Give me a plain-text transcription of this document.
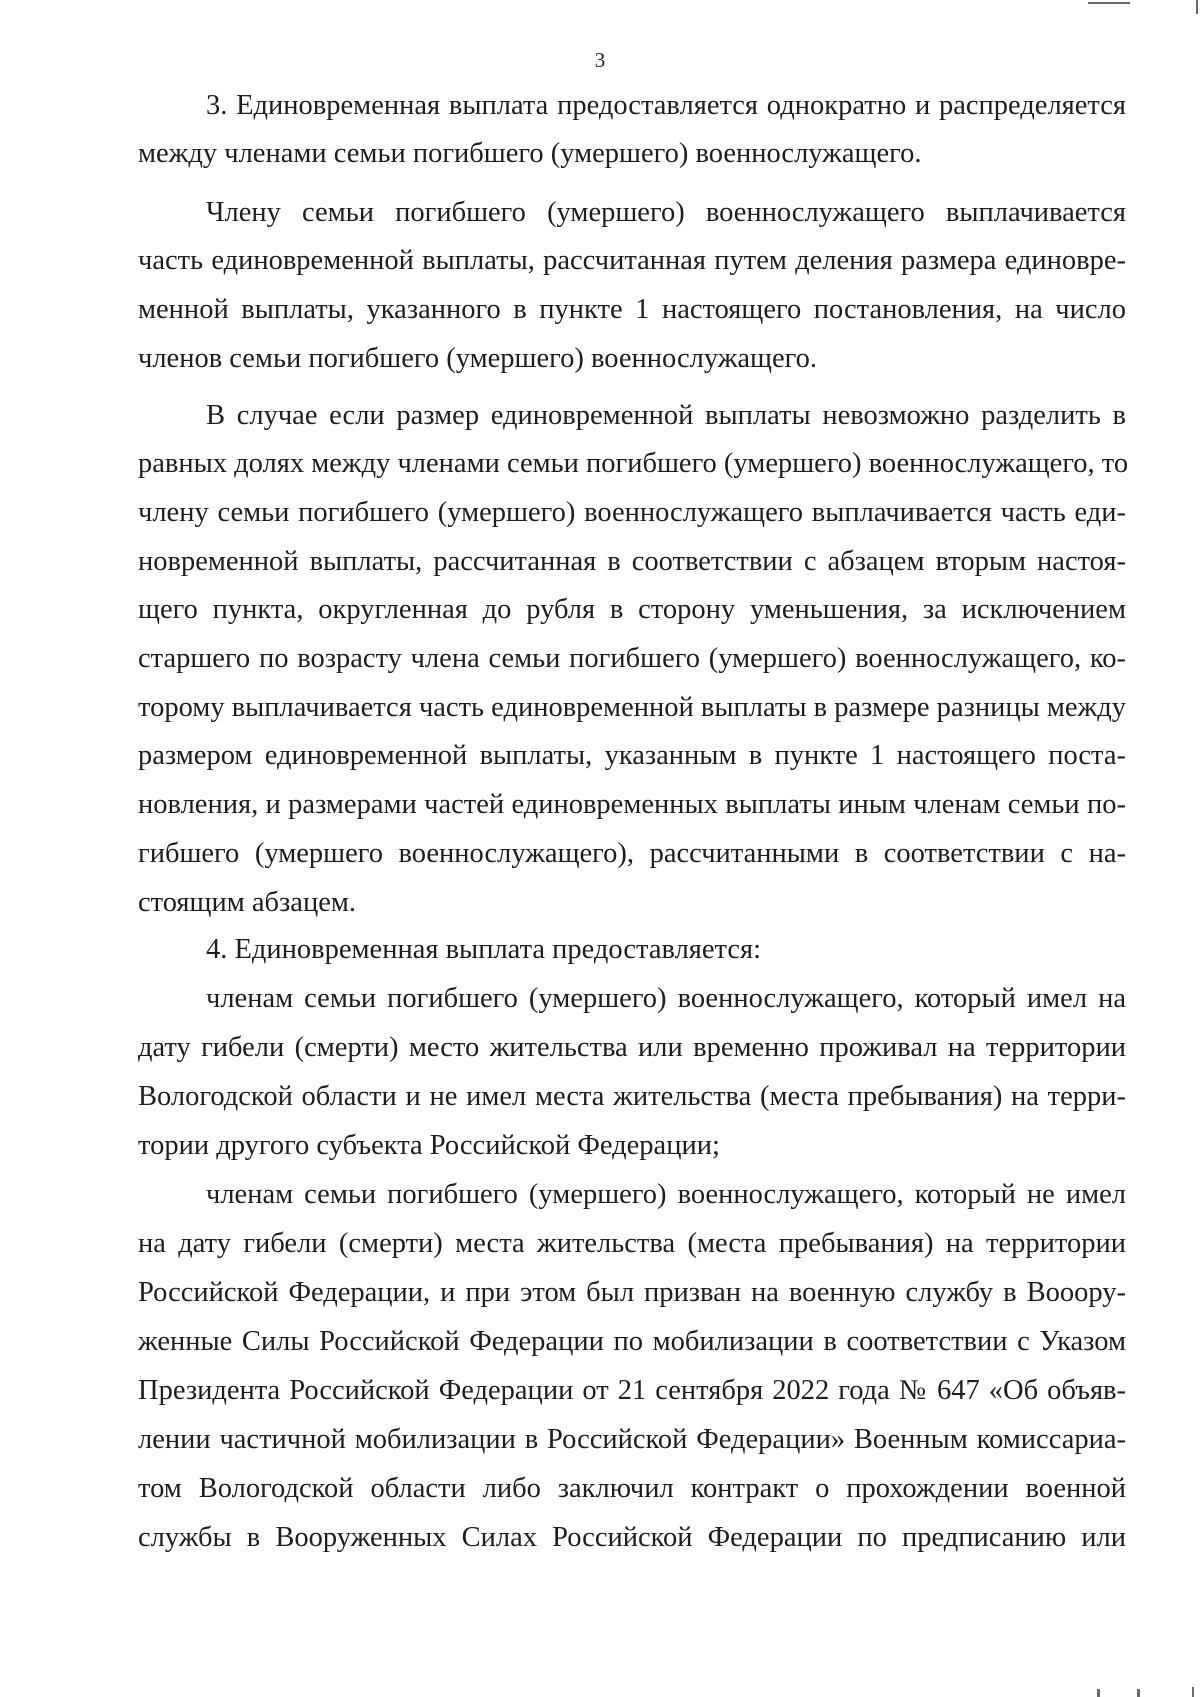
3
3. Единовременная выплата предоставляется однократно и распределяется
между членами семьи погибшего (умершего) военнослужащего.
Члену семьи погибшего (умершего) военнослужащего выплачивается
часть единовременной выплаты, рассчитанная путем деления размера единовре-
менной выплаты, указанного в пункте 1 настоящего постановления, на число
членов семьи погибшего (умершего) военнослужащего.
В случае если размер единовременной выплаты невозможно разделить в
равных долях между членами семьи погибшего (умершего) военнослужащего, то
члену семьи погибшего (умершего) военнослужащего выплачивается часть еди-
новременной выплаты, рассчитанная в соответствии с абзацем вторым настоя-
щего пункта, округленная до рубля в сторону уменьшения, за исключением
старшего по возрасту члена семьи погибшего (умершего) военнослужащего, ко-
торому выплачивается часть единовременной выплаты в размере разницы между
размером единовременной выплаты, указанным в пункте 1 настоящего поста-
новления, и размерами частей единовременных выплаты иным членам семьи по-
гибшего (умершего военнослужащего), рассчитанными в соответствии с на-
стоящим абзацем.
4. Единовременная выплата предоставляется:
членам семьи погибшего (умершего) военнослужащего, который имел на
дату гибели (смерти) место жительства или временно проживал на территории
Вологодской области и не имел места жительства (места пребывания) на терри-
тории другого субъекта Российской Федерации;
членам семьи погибшего (умершего) военнослужащего, который не имел
на дату гибели (смерти) места жительства (места пребывания) на территории
Российской Федерации, и при этом был призван на военную службу в Вооору-
женные Силы Российской Федерации по мобилизации в соответствии с Указом
Президента Российской Федерации от 21 сентября 2022 года № 647 «Об объяв-
лении частичной мобилизации в Российской Федерации» Военным комиссариа-
том Вологодской области либо заключил контракт о прохождении военной
службы в Вооруженных Силах Российской Федерации по предписанию или
